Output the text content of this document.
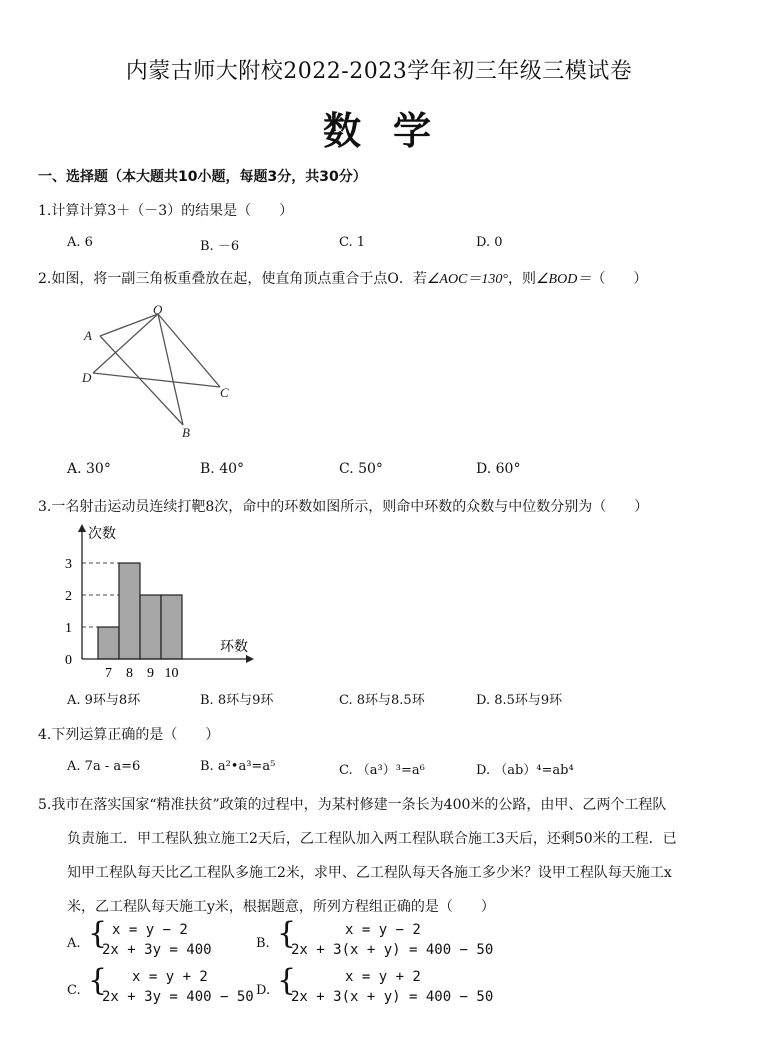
内蒙古师大附校2022-2023学年初三年级三模试卷
数 学
一、选择题（本大题共10小题，每题3分，共30分）
1.计算计算3＋（－3）的结果是（　　）
A. 6	B. －6	C. 1	D. 0
2.如图，将一副三角板重叠放在起，使直角顶点重合于点O．若∠AOC＝130°，则∠BOD＝（　　）
O
A
D
C
B
A. 30°	B. 40°	C. 50°	D. 60°
3.一名射击运动员连续打靶8次，命中的环数如图所示，则命中环数的众数与中位数分别为（　　）
7 8 9 10
0
1
2
3
次数
环数
A. 9环与8环	B. 8环与9环	C. 8环与8.5环	D. 8.5环与9环
4.下列运算正确的是（　　）
A. 7a - a=6	B. a²•a³=a⁵	C. （a³）³=a⁶	D. （ab）⁴=ab⁴
5.我市在落实国家“精准扶贫”政策的过程中，为某村修建一条长为400米的公路，由甲、乙两个工程队
负责施工．甲工程队独立施工2天后，乙工程队加入两工程队联合施工3天后，还剩50米的工程．已
知甲工程队每天比乙工程队多施工2米，求甲、乙工程队每天各施工多少米？设甲工程队每天施工x
米，乙工程队每天施工y米，根据题意，所列方程组正确的是（　　）
A. { x = y − 2
2x + 3y = 400	B. {	x = y − 2
2x + 3(x + y) = 400 − 50
C. { x = y + 2
2x + 3y = 400 − 50 D. {	x = y + 2
2x + 3(x + y) = 400 − 50
